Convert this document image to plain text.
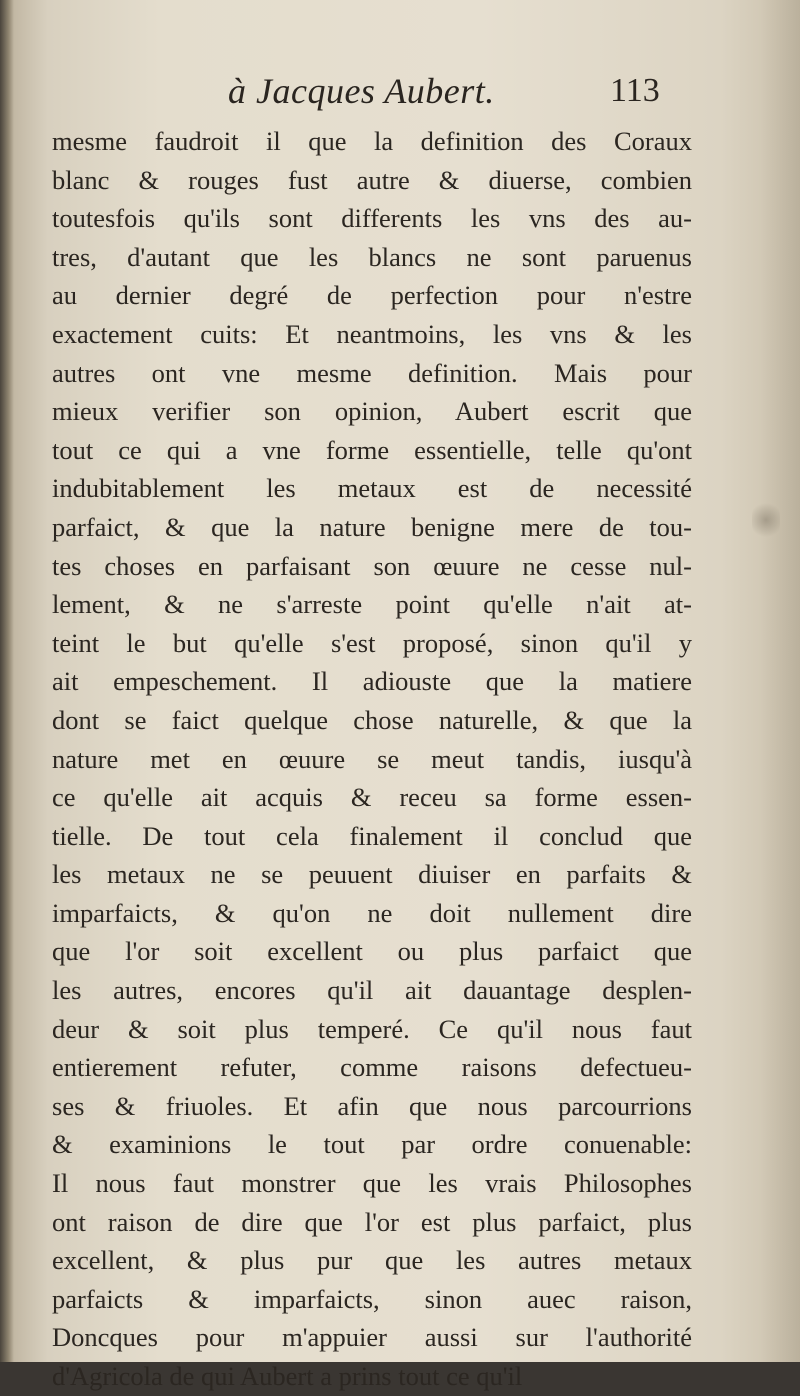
à Jacques Aubert.	113
mesme faudroit il que la definition des Coraux
blanc & rouges fust autre & diuerse, combien
toutesfois qu'ils sont differents les vns des au-
tres, d'autant que les blancs ne sont paruenus
au dernier degré de perfection pour n'estre
exactement cuits: Et neantmoins, les vns & les
autres ont vne mesme definition. Mais pour
mieux verifier son opinion, Aubert escrit que
tout ce qui a vne forme essentielle, telle qu'ont
indubitablement les metaux est de necessité
parfaict, & que la nature benigne mere de tou-
tes choses en parfaisant son œuure ne cesse nul-
lement, & ne s'arreste point qu'elle n'ait at-
teint le but qu'elle s'est proposé, sinon qu'il y
ait empeschement. Il adiouste que la matiere
dont se faict quelque chose naturelle, & que la
nature met en œuure se meut tandis, iusqu'à
ce qu'elle ait acquis & receu sa forme essen-
tielle. De tout cela finalement il conclud que
les metaux ne se peuuent diuiser en parfaits &
imparfaicts, & qu'on ne doit nullement dire
que l'or soit excellent ou plus parfaict que
les autres, encores qu'il ait dauantage desplen-
deur & soit plus temperé. Ce qu'il nous faut
entierement refuter, comme raisons defectueu-
ses & friuoles. Et afin que nous parcourrions
& examinions le tout par ordre conuenable:
Il nous faut monstrer que les vrais Philosophes
ont raison de dire que l'or est plus parfaict, plus
excellent, & plus pur que les autres metaux
parfaicts & imparfaicts, sinon auec raison,
Doncques pour m'appuier aussi sur l'authorité
d'Agricola de qui Aubert a prins tout ce qu'il
